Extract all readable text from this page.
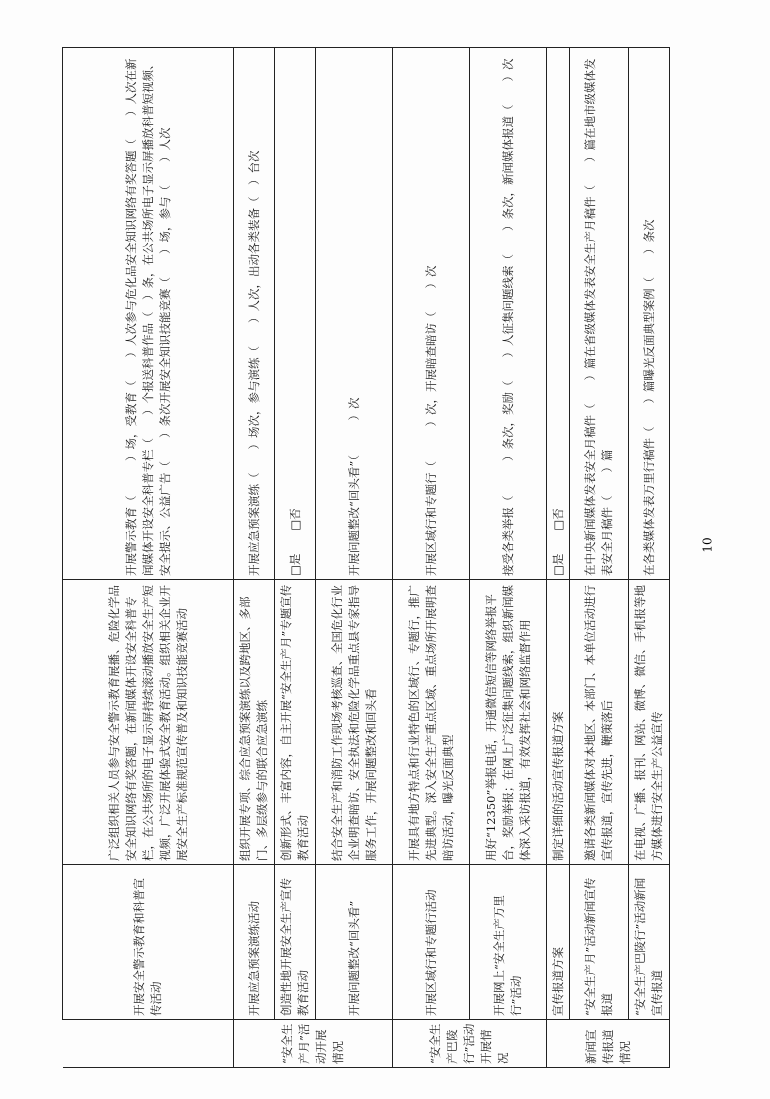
	开展安全警示教育和科普宣传活动	广泛组织相关人员参与安全警示教育展播、危险化学品安全知识网络有奖答题，在新闻媒体开设安全科普专栏，在公共场所的电子显示屏持续滚动播放安全生产短视频，广泛开展体验式安全教育活动。组织相关企业开展安全生产标准规范宣传普及和知识技能竞赛活动	开展警示教育（　　　）场，受教育（　　）人次参与危化品安全知识网络有奖答题（　　）人次在新闻媒体开设安全科普专栏（　　）个报送科普作品（　）条，在公共场所电子显示屏播放科普短视频、安全提示、公益广告（　　）条次开展安全知识技能竞赛（　　）场，参与（　　）人次
“安全生产月”活动开展情况	开展应急预案演练活动	组织开展专项、综合应急预案演练以及跨地区、多部门、多层级参与的联合应急演练	开展应急预案演练（　　）场次，参与演练（　　）人次，出动各类装备（　）台次
	创造性地开展安全生产宣传教育活动	创新形式、丰富内容，自主开展“安全生产月”专题宣传教育活动	□是　　□否
	开展问题整改“回头看”	结合安全生产和消防工作现场考核巡查、全国危化行业企业明查暗访、安全执法和危险化学品重点县专家指导服务工作，开展问题整改和回头看	开展问题整改“回头看”（　　　）次
“安全生产巴陵行”活动开展情况	开展区域行和专题行活动	开展具有地方特点和行业特色的区域行、专题行，推广先进典型。深入安全生产重点区域、重点场所开展明查暗访活动，曝光反面典型	开展区域行和专题行（　　　）次，开展暗查暗访（　　）次
	开展网上“安全生产万里行”活动	用好“12350”举报电话，开通微信短信等网络举报平台，奖励举报；在网上广泛征集问题线索，组织新闻媒体深入采访报道，有效发挥社会和网络监督作用	接受各类举报（　　　）条次，奖励（　　）人征集问题线索（　　）条次，新闻媒体报道（　　）次
新闻宣传报道情况	宣传报道方案	制定详细的活动宣传报道方案	□是　　□否
	“安全生产月”活动新闻宣传报道	邀请各类新闻媒体对本地区、本部门、本单位活动进行宣传报道，宣传先进，鞭策落后	在中央新闻媒体发表安全月稿件（　　）篇在省级媒体发表安全生产月稿件（　　）篇在地市级媒体发表安全月稿件（　　）篇
	“安全生产巴陵行”活动新闻宣传报道	在电视、广播、报刊、网站、微博、微信、手机报等地方媒体进行安全生产公益宣传	在各类媒体发表万里行稿件（　　）篇曝光反面典型案例（　　）条次	10
